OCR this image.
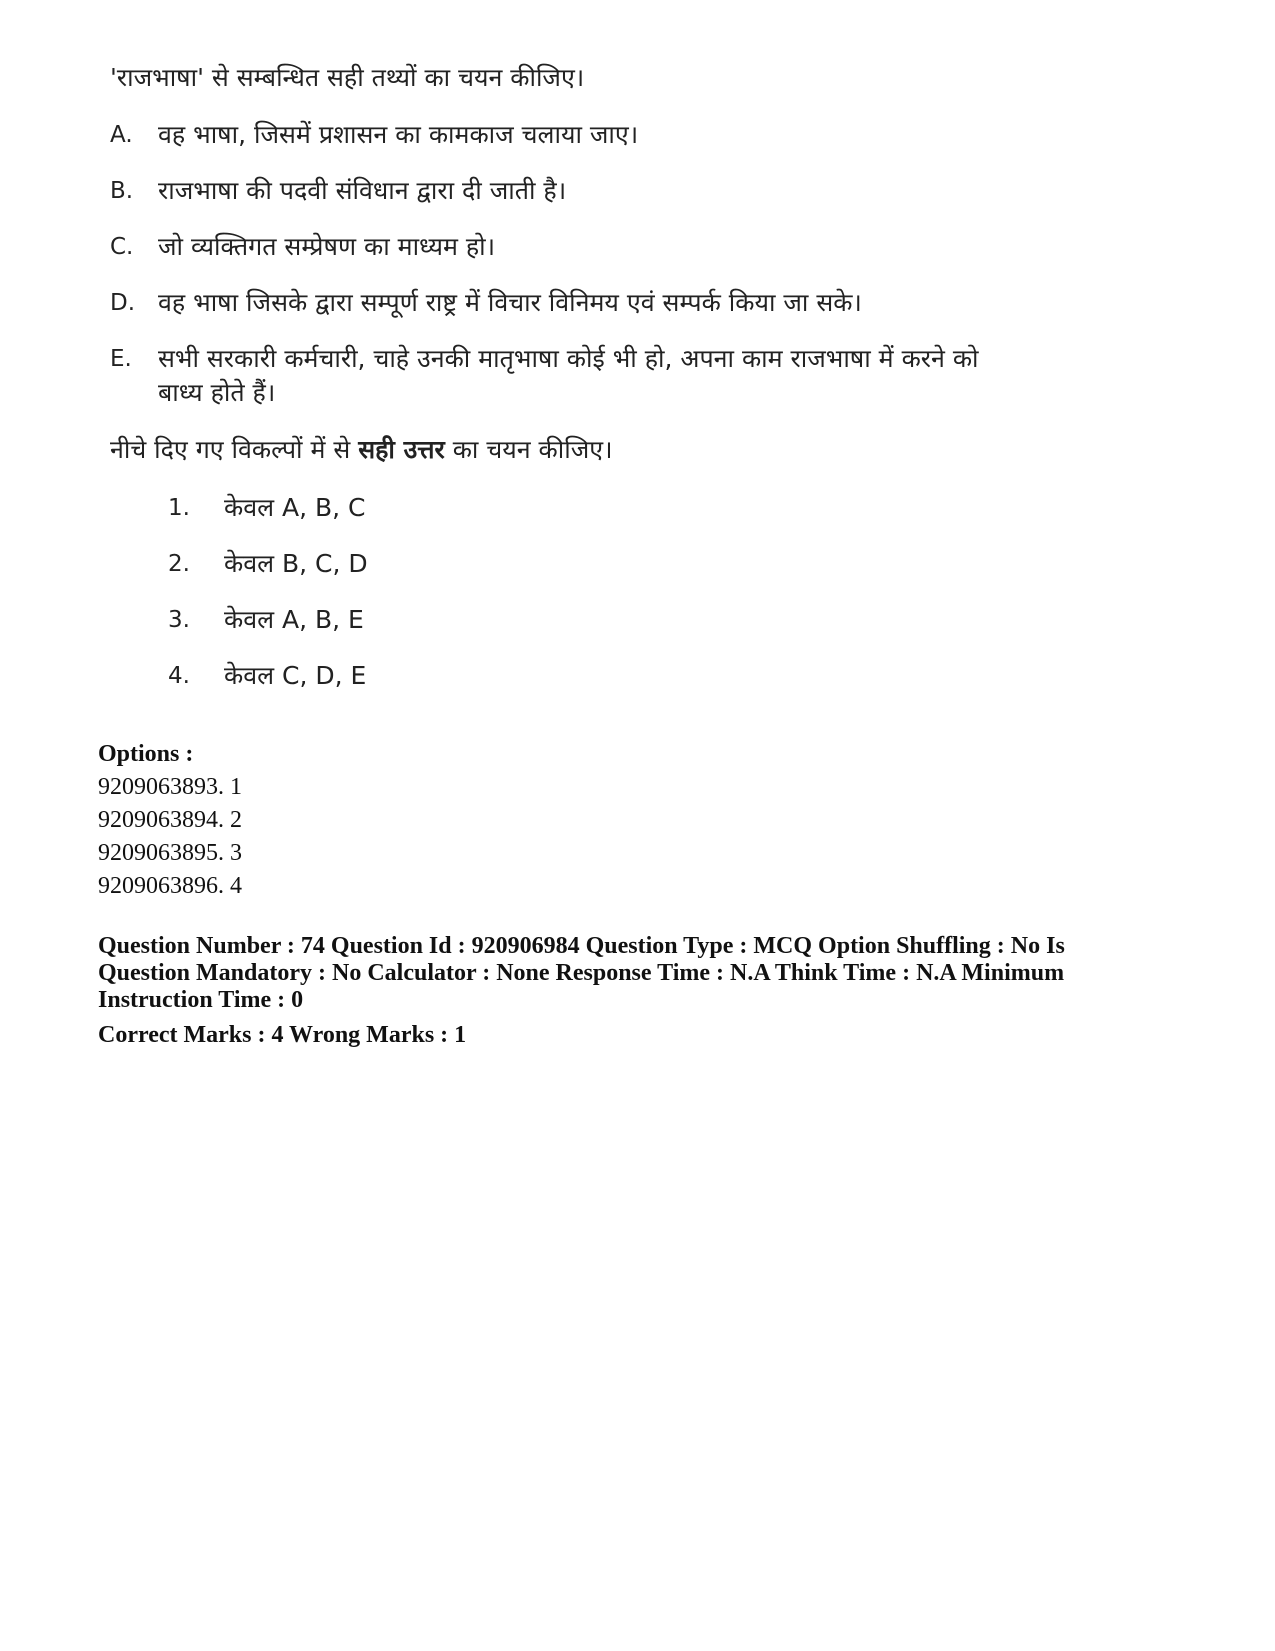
'राजभाषा' से सम्बन्धित सही तथ्यों का चयन कीजिए।
A.	वह भाषा, जिसमें प्रशासन का कामकाज चलाया जाए।
B. राजभाषा की पदवी संविधान द्वारा दी जाती है।
C. जो व्यक्तिगत सम्प्रेषण का माध्यम हो।
D. वह भाषा जिसके द्वारा सम्पूर्ण राष्ट्र में विचार विनिमय एवं सम्पर्क किया जा सके।
E.	सभी सरकारी कर्मचारी, चाहे उनकी मातृभाषा कोई भी हो, अपना काम राजभाषा में करने को बाध्य होते हैं।
नीचे दिए गए विकल्पों में से सही उत्तर का चयन कीजिए।
1.	केवल A, B, C
2.	केवल B, C, D
3.	केवल A, B, E
4.	केवल C, D, E
Options :
9209063893. 1
9209063894. 2
9209063895. 3
9209063896. 4
Question Number : 74 Question Id : 920906984 Question Type : MCQ Option Shuffling : No Is Question Mandatory : No Calculator : None Response Time : N.A Think Time : N.A Minimum Instruction Time : 0
Correct Marks : 4 Wrong Marks : 1
